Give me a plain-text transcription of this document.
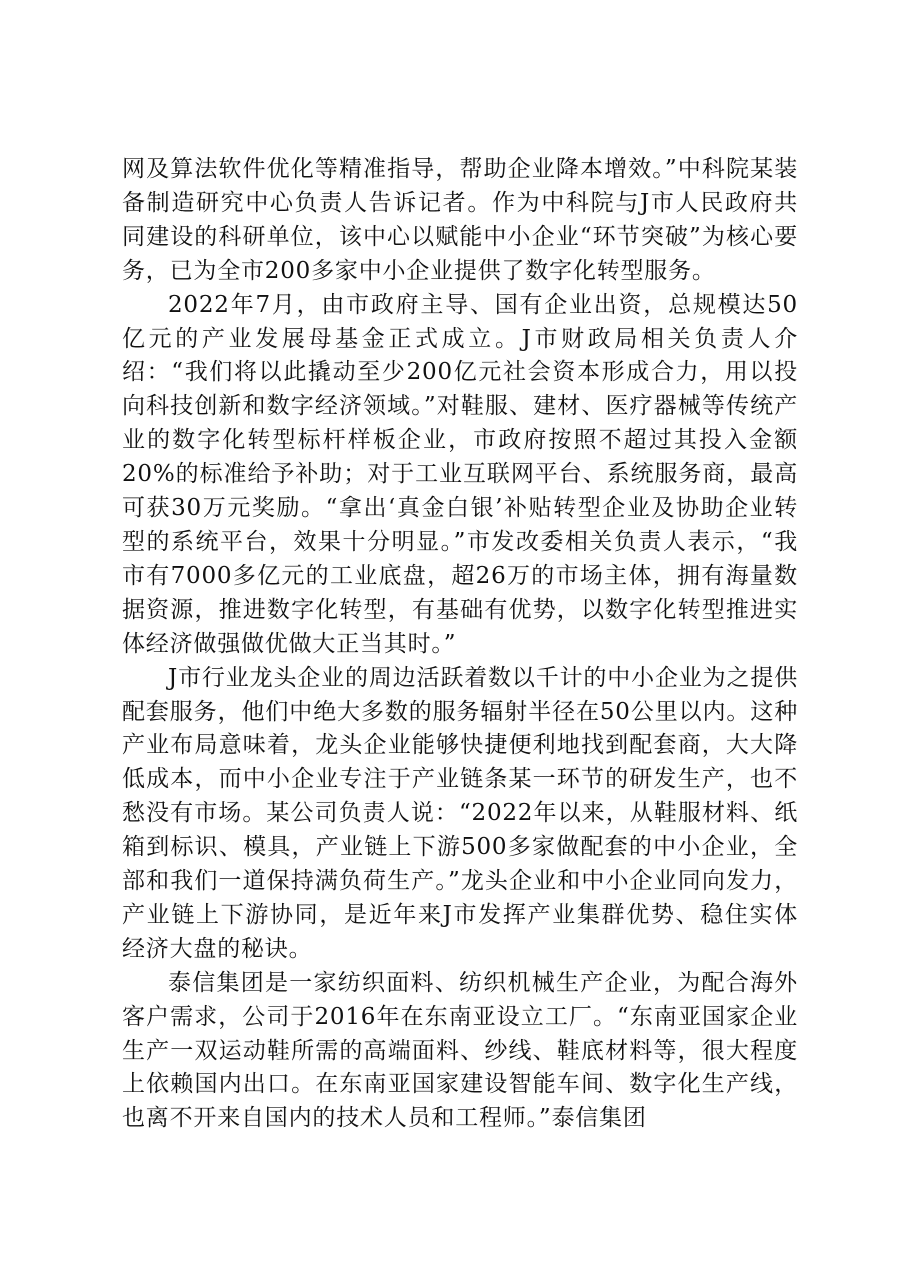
网及算法软件优化等精准指导，帮助企业降本增效。”中科院某装备制造研究中心负责人告诉记者。作为中科院与J市人民政府共同建设的科研单位，该中心以赋能中小企业“环节突破”为核心要务，已为全市200多家中小企业提供了数字化转型服务。

2022年7月，由市政府主导、国有企业出资，总规模达50亿元的产业发展母基金正式成立。J市财政局相关负责人介绍：“我们将以此撬动至少200亿元社会资本形成合力，用以投向科技创新和数字经济领域。”对鞋服、建材、医疗器械等传统产业的数字化转型标杆样板企业，市政府按照不超过其投入金额20%的标准给予补助；对于工业互联网平台、系统服务商，最高可获30万元奖励。“拿出‘真金白银’补贴转型企业及协助企业转型的系统平台，效果十分明显。”市发改委相关负责人表示，“我市有7000多亿元的工业底盘，超26万的市场主体，拥有海量数据资源，推进数字化转型，有基础有优势，以数字化转型推进实体经济做强做优做大正当其时。”

J市行业龙头企业的周边活跃着数以千计的中小企业为之提供配套服务，他们中绝大多数的服务辐射半径在50公里以内。这种产业布局意味着，龙头企业能够快捷便利地找到配套商，大大降低成本，而中小企业专注于产业链条某一环节的研发生产，也不愁没有市场。某公司负责人说：“2022年以来，从鞋服材料、纸箱到标识、模具，产业链上下游500多家做配套的中小企业，全部和我们一道保持满负荷生产。”龙头企业和中小企业同向发力，产业链上下游协同，是近年来J市发挥产业集群优势、稳住实体经济大盘的秘诀。

泰信集团是一家纺织面料、纺织机械生产企业，为配合海外客户需求，公司于2016年在东南亚设立工厂。“东南亚国家企业生产一双运动鞋所需的高端面料、纱线、鞋底材料等，很大程度上依赖国内出口。在东南亚国家建设智能车间、数字化生产线，也离不开来自国内的技术人员和工程师。”泰信集团
